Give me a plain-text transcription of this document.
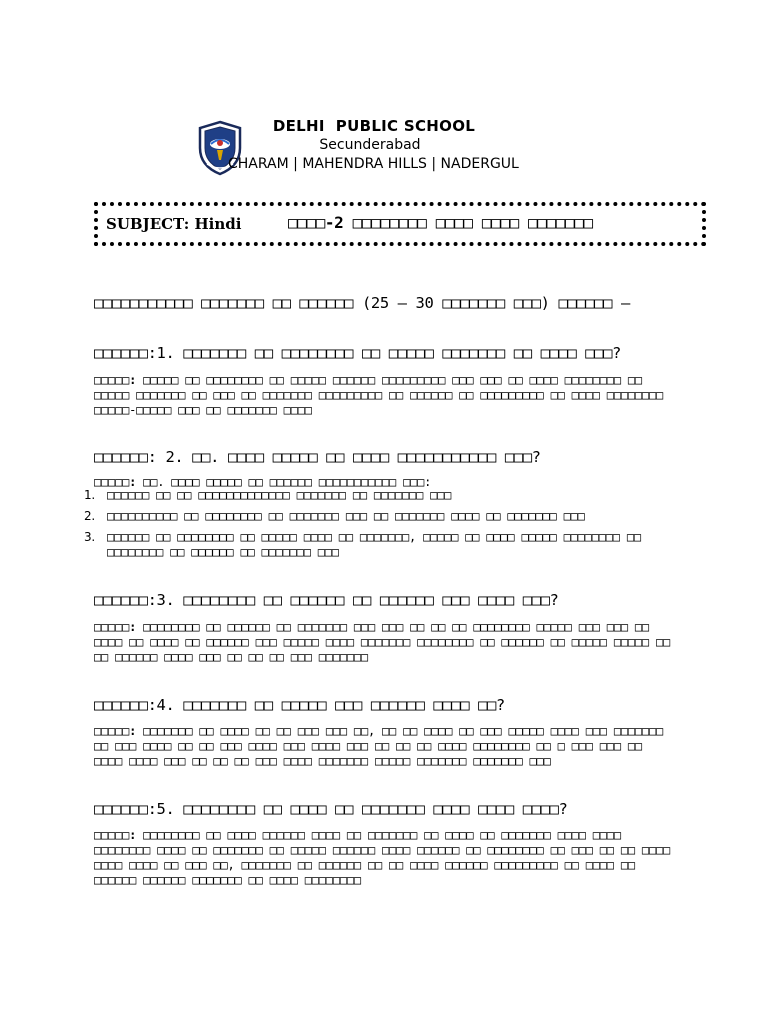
DELHI  PUBLIC SCHOOL
Secunderabad
CHARAM | MAHENDRA HILLS | NADERGUL
SUBJECT: Hindi	□□□□-2 □□□□□□□□ □□□□ □□□□ □□□□□□□
□□□□□□□□□□□ □□□□□□□ □□ □□□□□□ (25 – 30 □□□□□□□ □□□) □□□□□□ –
□□□□□□:1. □□□□□□□ □□ □□□□□□□□ □□ □□□□□ □□□□□□□ □□ □□□□ □□□?
□□□□□: □□□□□ □□ □□□□□□□□ □□ □□□□□ □□□□□□ □□□□□□□□□ □□□ □□□ □□ □□□□ □□□□□□□□ □□ □□□□□ □□□□□□□ □□ □□□ □□ □□□□□□□ □□□□□□□□□ □□ □□□□□□ □□ □□□□□□□□□ □□ □□□□ □□□□□□□□ □□□□□-□□□□□ □□□ □□ □□□□□□□ □□□□
□□□□□□: 2. □□. □□□□ □□□□□ □□ □□□□ □□□□□□□□□□□ □□□?
□□□□□: □□. □□□□ □□□□□ □□ □□□□□□ □□□□□□□□□□□ □□□:
1. □□□□□□ □□ □□ □□□□□□□□□□□□□ □□□□□□□ □□ □□□□□□□ □□□
2. □□□□□□□□□□ □□ □□□□□□□□ □□ □□□□□□□ □□□ □□ □□□□□□□ □□□□ □□ □□□□□□□ □□□
3. □□□□□□ □□ □□□□□□□□ □□ □□□□□ □□□□ □□ □□□□□□□, □□□□□ □□ □□□□ □□□□□ □□□□□□□□ □□ □□□□□□□□ □□ □□□□□□ □□ □□□□□□□ □□□
□□□□□□:3. □□□□□□□□ □□ □□□□□□ □□ □□□□□□ □□□ □□□□ □□□?
□□□□□: □□□□□□□□ □□ □□□□□□ □□ □□□□□□□ □□□ □□□ □□ □□ □□ □□□□□□□□ □□□□□ □□□ □□□ □□ □□□□ □□ □□□□ □□ □□□□□□ □□□ □□□□□ □□□□ □□□□□□□ □□□□□□□□ □□ □□□□□□ □□ □□□□□ □□□□□ □□ □□ □□□□□□ □□□□ □□□ □□ □□ □□ □□□ □□□□□□□
□□□□□□:4. □□□□□□□ □□ □□□□□ □□□ □□□□□□ □□□□ □□?
□□□□□: □□□□□□□ □□ □□□□ □□ □□ □□□ □□□ □□, □□ □□ □□□□ □□ □□□ □□□□□ □□□□ □□□ □□□□□□□ □□ □□□ □□□□ □□ □□ □□□ □□□□ □□□ □□□□ □□□ □□ □□ □□ □□□□ □□□□□□□□ □□ □ □□□ □□□ □□ □□□□ □□□□ □□□ □□ □□ □□ □□□ □□□□ □□□□□□□ □□□□□ □□□□□□□ □□□□□□□ □□□
□□□□□□:5. □□□□□□□□ □□ □□□□ □□ □□□□□□□ □□□□ □□□□ □□□□?
□□□□□: □□□□□□□□ □□ □□□□ □□□□□□ □□□□ □□ □□□□□□□ □□ □□□□ □□ □□□□□□□ □□□□ □□□□ □□□□□□□□ □□□□ □□ □□□□□□□ □□ □□□□□ □□□□□□ □□□□ □□□□□□ □□ □□□□□□□□ □□ □□□ □□ □□ □□□□ □□□□ □□□□ □□ □□□ □□, □□□□□□□ □□ □□□□□□ □□ □□ □□□□ □□□□□□ □□□□□□□□□ □□ □□□□ □□ □□□□□□ □□□□□□ □□□□□□□ □□ □□□□ □□□□□□□□
